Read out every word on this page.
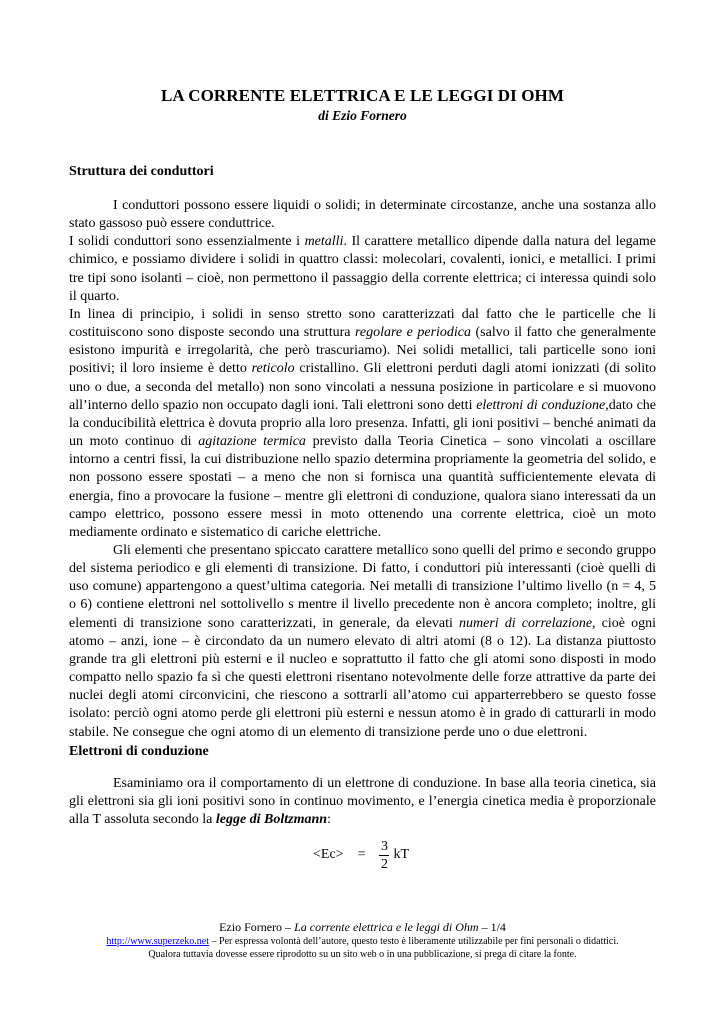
LA CORRENTE ELETTRICA E LE LEGGI DI OHM
di Ezio Fornero
Struttura dei conduttori

I conduttori possono essere liquidi o solidi; in determinate circostanze, anche una sostanza allo stato gassoso può essere conduttrice.

I solidi conduttori sono essenzialmente i metalli. Il carattere metallico dipende dalla natura del legame chimico, e possiamo dividere i solidi in quattro classi: molecolari, covalenti, ionici, e metallici. I primi tre tipi sono isolanti – cioè, non permettono il passaggio della corrente elettrica; ci interessa quindi solo il quarto.

In linea di principio, i solidi in senso stretto sono caratterizzati dal fatto che le particelle che li costituiscono sono disposte secondo una struttura regolare e periodica (salvo il fatto che generalmente esistono impurità e irregolarità, che però trascuriamo). Nei solidi metallici, tali particelle sono ioni positivi; il loro insieme è detto reticolo cristallino. Gli elettroni perduti dagli atomi ionizzati (di solito uno o due, a seconda del metallo) non sono vincolati a nessuna posizione in particolare e si muovono all’interno dello spazio non occupato dagli ioni. Tali elettroni sono detti elettroni di conduzione,dato che la conducibilità elettrica è dovuta proprio alla loro presenza. Infatti, gli ioni positivi – benché animati da un moto continuo di agitazione termica previsto dalla Teoria Cinetica – sono vincolati a oscillare intorno a centri fissi, la cui distribuzione nello spazio determina propriamente la geometria del solido, e non possono essere spostati – a meno che non si fornisca una quantità sufficientemente elevata di energia, fino a provocare la fusione – mentre gli elettroni di conduzione, qualora siano interessati da un campo elettrico, possono essere messi in moto ottenendo una corrente elettrica, cioè un moto mediamente ordinato e sistematico di cariche elettriche.

Gli elementi che presentano spiccato carattere metallico sono quelli del primo e secondo gruppo del sistema periodico e gli elementi di transizione. Di fatto, i conduttori più interessanti (cioè quelli di uso comune) appartengono a quest’ultima categoria. Nei metalli di transizione l’ultimo livello (n = 4, 5 o 6) contiene elettroni nel sottolivello s mentre il livello precedente non è ancora completo; inoltre, gli elementi di transizione sono caratterizzati, in generale, da elevati numeri di correlazione, cioè ogni atomo – anzi, ione – è circondato da un numero elevato di altri atomi (8 o 12). La distanza piuttosto grande tra gli elettroni più esterni e il nucleo e soprattutto il fatto che gli atomi sono disposti in modo compatto nello spazio fa sì che questi elettroni risentano notevolmente delle forze attrattive da parte dei nuclei degli atomi circonvicini, che riescono a sottrarli all’atomo cui apparterrebbero se questo fosse isolato: perciò ogni atomo perde gli elettroni più esterni e nessun atomo è in grado di catturarli in modo stabile. Ne consegue che ogni atomo di un elemento di transizione perde uno o due elettroni.

Elettroni di conduzione

Esaminiamo ora il comportamento di un elettrone di conduzione. In base alla teoria cinetica, sia gli elettroni sia gli ioni positivi sono in continuo movimento, e l’energia cinetica media è proporzionale alla T assoluta secondo la legge di Boltzmann:

$<Ec> = \frac{3}{2}$ kT
Ezio Fornero – La corrente elettrica e le leggi di Ohm – 1/4
http://www.superzeko.net – Per espressa volontà dell’autore, questo testo è liberamente utilizzabile per fini personali o didattici.
Qualora tuttavia dovesse essere riprodotto su un sito web o in una pubblicazione, si prega di citare la fonte.
